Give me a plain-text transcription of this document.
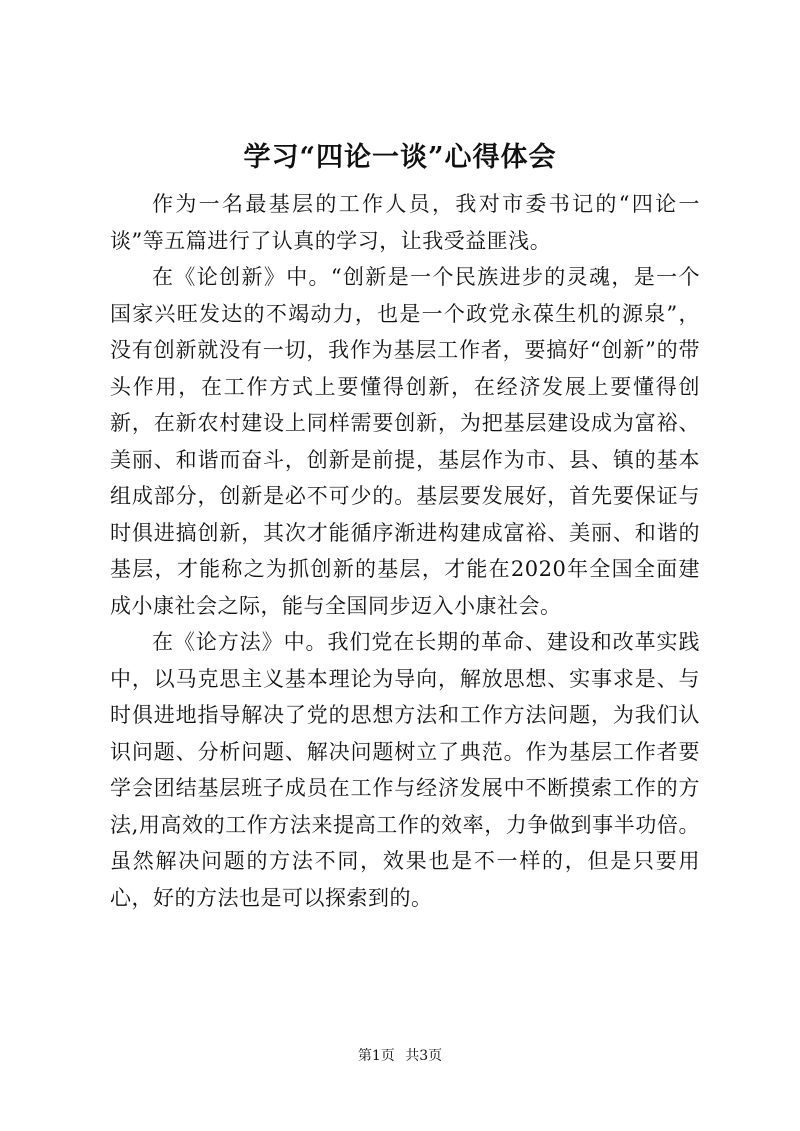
学习“四论一谈”心得体会

作为一名最基层的工作人员，我对市委书记的“四论一谈”等五篇进行了认真的学习，让我受益匪浅。

在《论创新》中。“创新是一个民族进步的灵魂，是一个国家兴旺发达的不竭动力，也是一个政党永葆生机的源泉”，没有创新就没有一切，我作为基层工作者，要搞好“创新”的带头作用，在工作方式上要懂得创新，在经济发展上要懂得创新，在新农村建设上同样需要创新，为把基层建设成为富裕、美丽、和谐而奋斗，创新是前提，基层作为市、县、镇的基本组成部分，创新是必不可少的。基层要发展好，首先要保证与时俱进搞创新，其次才能循序渐进构建成富裕、美丽、和谐的基层，才能称之为抓创新的基层，才能在2020年全国全面建成小康社会之际，能与全国同步迈入小康社会。

在《论方法》中。我们党在长期的革命、建设和改革实践中，以马克思主义基本理论为导向，解放思想、实事求是、与时俱进地指导解决了党的思想方法和工作方法问题，为我们认识问题、分析问题、解决问题树立了典范。作为基层工作者要学会团结基层班子成员在工作与经济发展中不断摸索工作的方法,用高效的工作方法来提高工作的效率，力争做到事半功倍。虽然解决问题的方法不同，效果也是不一样的，但是只要用心，好的方法也是可以探索到的。

第1页 共3页
